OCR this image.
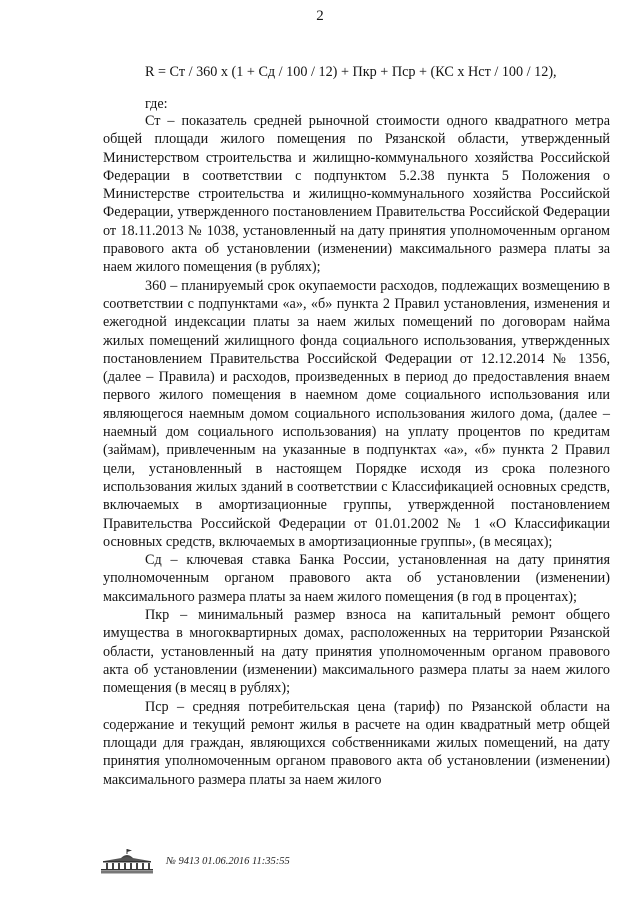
2
R = Ст / 360 х (1 + Сд / 100 / 12) + Пкр + Пср + (КС х Нст / 100 / 12),
где:

Ст – показатель средней рыночной стоимости одного квадратного метра общей площади жилого помещения по Рязанской области, утвержденный Министерством строительства и жилищно-коммунального хозяйства Российской Федерации в соответствии с подпунктом 5.2.38 пункта 5 Положения о Министерстве строительства и жилищно-коммунального хозяйства Российской Федерации, утвержденного постановлением Правительства Российской Федерации от 18.11.2013 № 1038, установленный на дату принятия уполномоченным органом правового акта об установлении (изменении) максимального размера платы за наем жилого помещения (в рублях);

360 – планируемый срок окупаемости расходов, подлежащих возмещению в соответствии с подпунктами «а», «б» пункта 2 Правил установления, изменения и ежегодной индексации платы за наем жилых помещений по договорам найма жилых помещений жилищного фонда социального использования, утвержденных постановлением Правительства Российской Федерации от 12.12.2014 № 1356, (далее – Правила) и расходов, произведенных в период до предоставления внаем первого жилого помещения в наемном доме социального использования или являющегося наемным домом социального использования жилого дома, (далее – наемный дом социального использования) на уплату процентов по кредитам (займам), привлеченным на указанные в подпунктах «а», «б» пункта 2 Правил цели, установленный в настоящем Порядке исходя из срока полезного использования жилых зданий в соответствии с Классификацией основных средств, включаемых в амортизационные группы, утвержденной постановлением Правительства Российской Федерации от 01.01.2002 № 1 «О Классификации основных средств, включаемых в амортизационные группы», (в месяцах);

Сд – ключевая ставка Банка России, установленная на дату принятия уполномоченным органом правового акта об установлении (изменении) максимального размера платы за наем жилого помещения (в год в процентах);

Пкр – минимальный размер взноса на капитальный ремонт общего имущества в многоквартирных домах, расположенных на территории Рязанской области, установленный на дату принятия уполномоченным органом правового акта об установлении (изменении) максимального размера платы за наем жилого помещения (в месяц в рублях);

Пср – средняя потребительская цена (тариф) по Рязанской области на содержание и текущий ремонт жилья в расчете на один квадратный метр общей площади для граждан, являющихся собственниками жилых помещений, на дату принятия уполномоченным органом правового акта об установлении (изменении) максимального размера платы за наем жилого

№ 9413 01.06.2016 11:35:55
